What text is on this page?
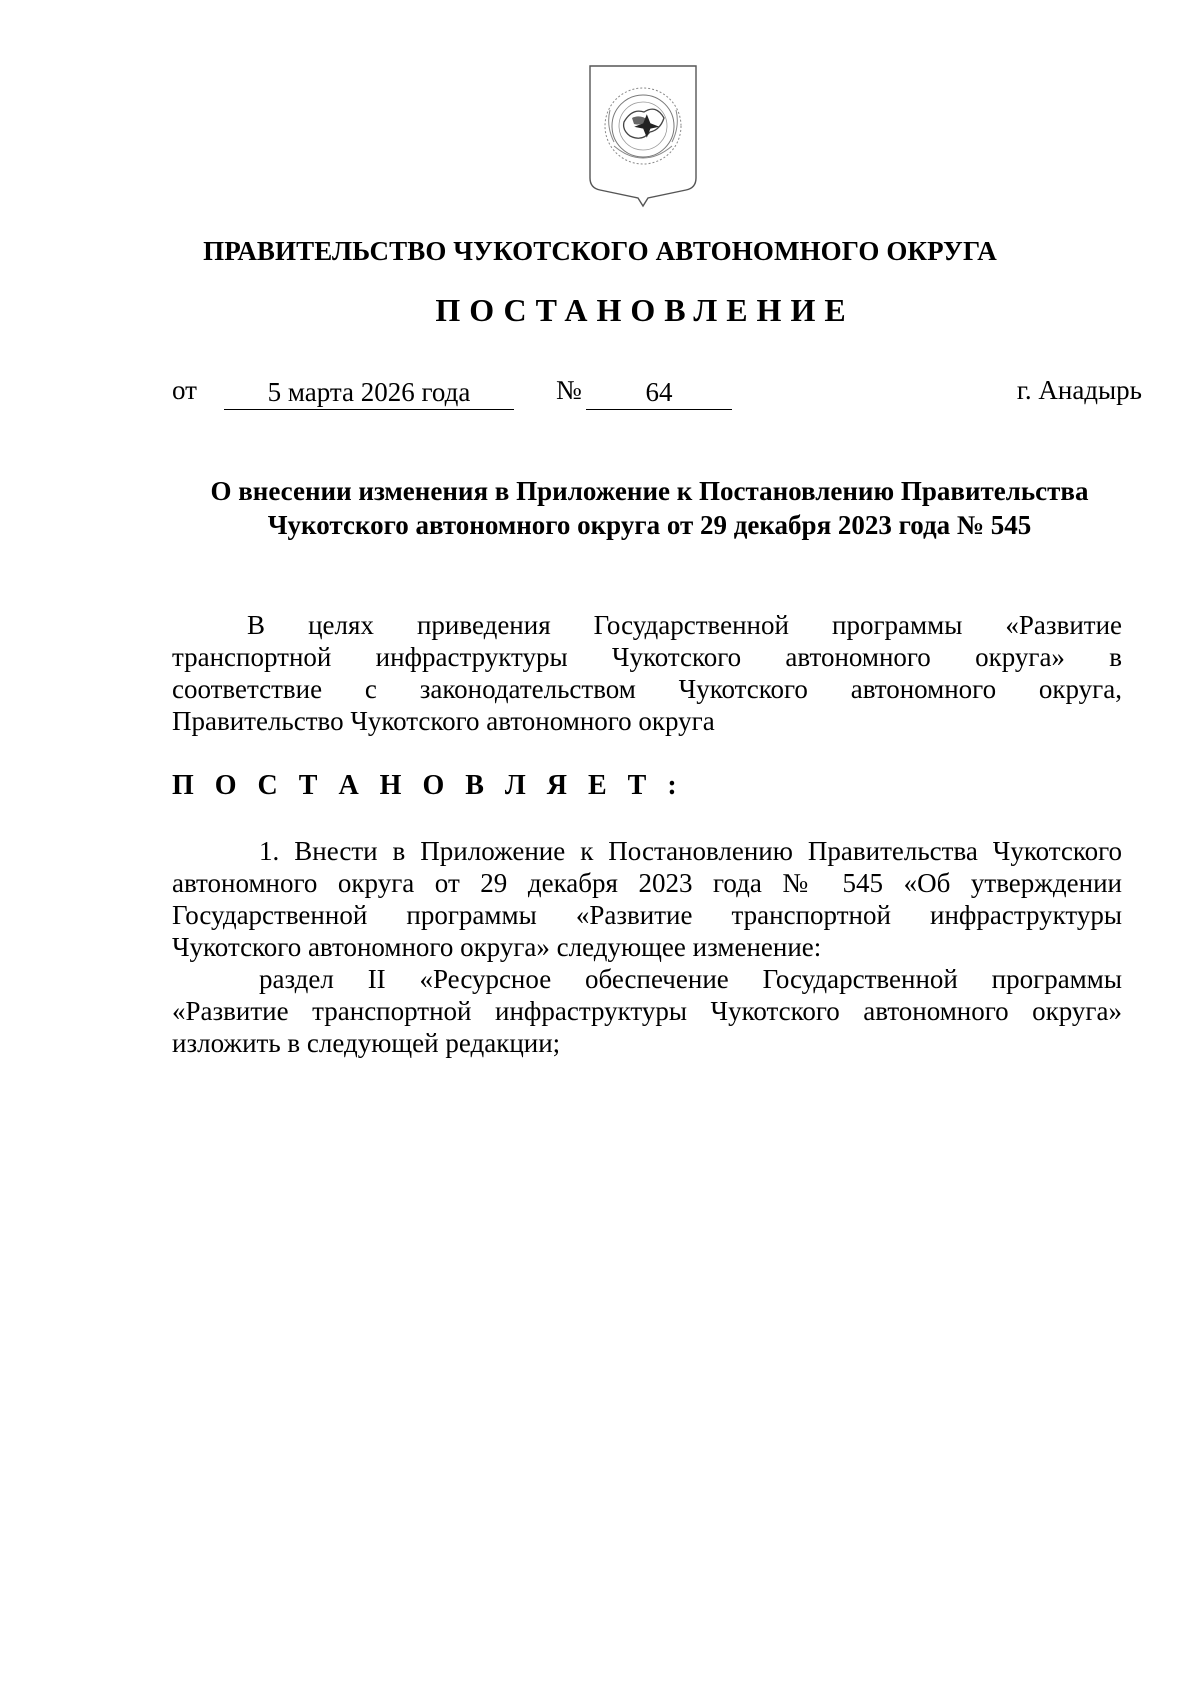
ПРАВИТЕЛЬСТВО ЧУКОТСКОГО АВТОНОМНОГО ОКРУГА
ПОСТАНОВЛЕНИЕ
от	5 марта 2026 года	№	64	г. Анадырь
О внесении изменения в Приложение к Постановлению Правительства
Чукотского автономного округа от 29 декабря 2023 года № 545
В целях приведения Государственной программы «Развитие
транспортной инфраструктуры Чукотского автономного округа» в
соответствие с законодательством Чукотского автономного округа,
Правительство Чукотского автономного округа
П О С Т А Н О В Л Я Е Т :
1. Внести в Приложение к Постановлению Правительства Чукотского
автономного округа от 29 декабря 2023 года № 545 «Об утверждении
Государственной программы «Развитие транспортной инфраструктуры
Чукотского автономного округа» следующее изменение:
раздел II «Ресурсное обеспечение Государственной программы
«Развитие транспортной инфраструктуры Чукотского автономного округа»
изложить в следующей редакции;
